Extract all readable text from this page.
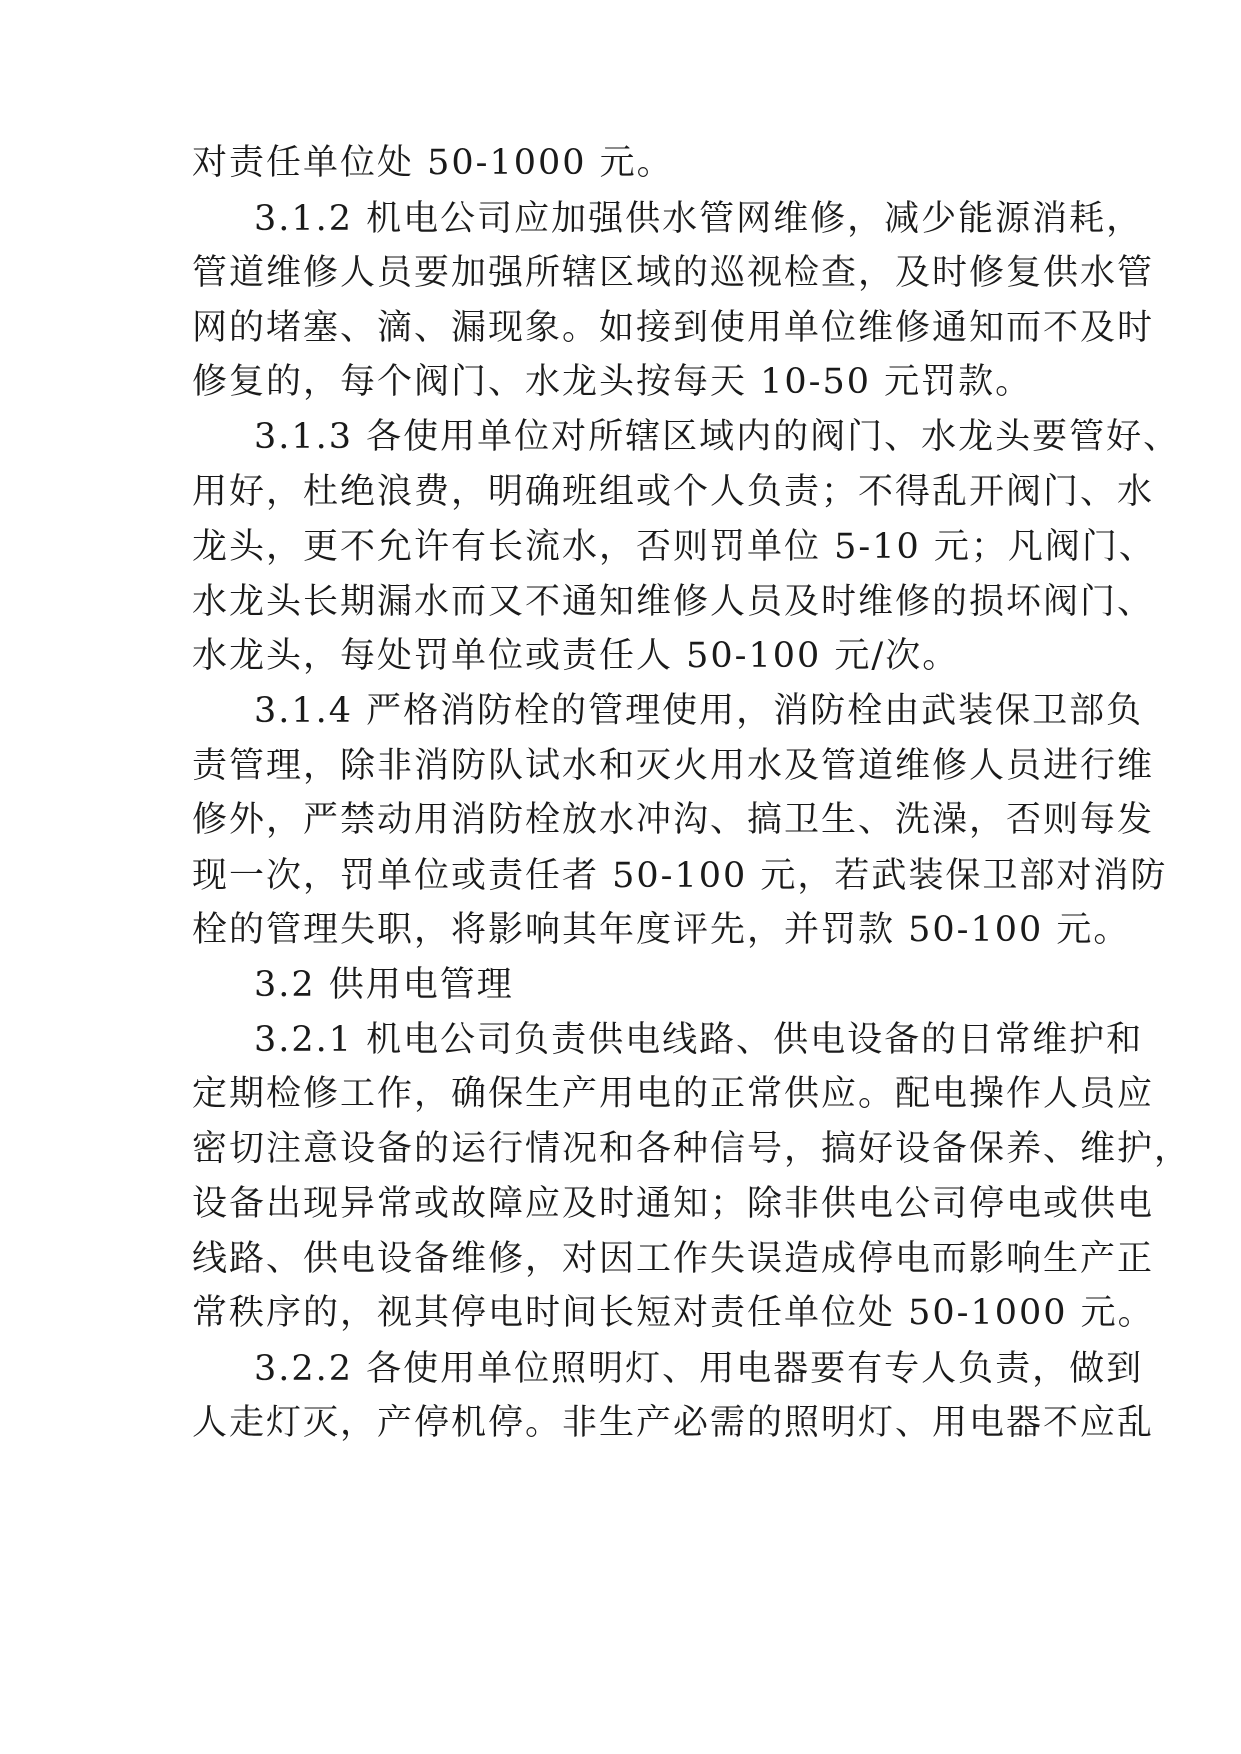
对责任单位处 50-1000 元。
3.1.2 机电公司应加强供水管网维修，减少能源消耗，
管道维修人员要加强所辖区域的巡视检查，及时修复供水管
网的堵塞、滴、漏现象。如接到使用单位维修通知而不及时
修复的，每个阀门、水龙头按每天 10-50 元罚款。
3.1.3 各使用单位对所辖区域内的阀门、水龙头要管好、
用好，杜绝浪费，明确班组或个人负责；不得乱开阀门、水
龙头，更不允许有长流水，否则罚单位 5-10 元；凡阀门、
水龙头长期漏水而又不通知维修人员及时维修的损坏阀门、
水龙头，每处罚单位或责任人 50-100 元/次。
3.1.4 严格消防栓的管理使用，消防栓由武装保卫部负
责管理，除非消防队试水和灭火用水及管道维修人员进行维
修外，严禁动用消防栓放水冲沟、搞卫生、洗澡，否则每发
现一次，罚单位或责任者 50-100 元，若武装保卫部对消防
栓的管理失职，将影响其年度评先，并罚款 50-100 元。
3.2 供用电管理
3.2.1 机电公司负责供电线路、供电设备的日常维护和
定期检修工作，确保生产用电的正常供应。配电操作人员应
密切注意设备的运行情况和各种信号，搞好设备保养、维护，
设备出现异常或故障应及时通知；除非供电公司停电或供电
线路、供电设备维修，对因工作失误造成停电而影响生产正
常秩序的，视其停电时间长短对责任单位处 50-1000 元。
3.2.2 各使用单位照明灯、用电器要有专人负责，做到
人走灯灭，产停机停。非生产必需的照明灯、用电器不应乱
